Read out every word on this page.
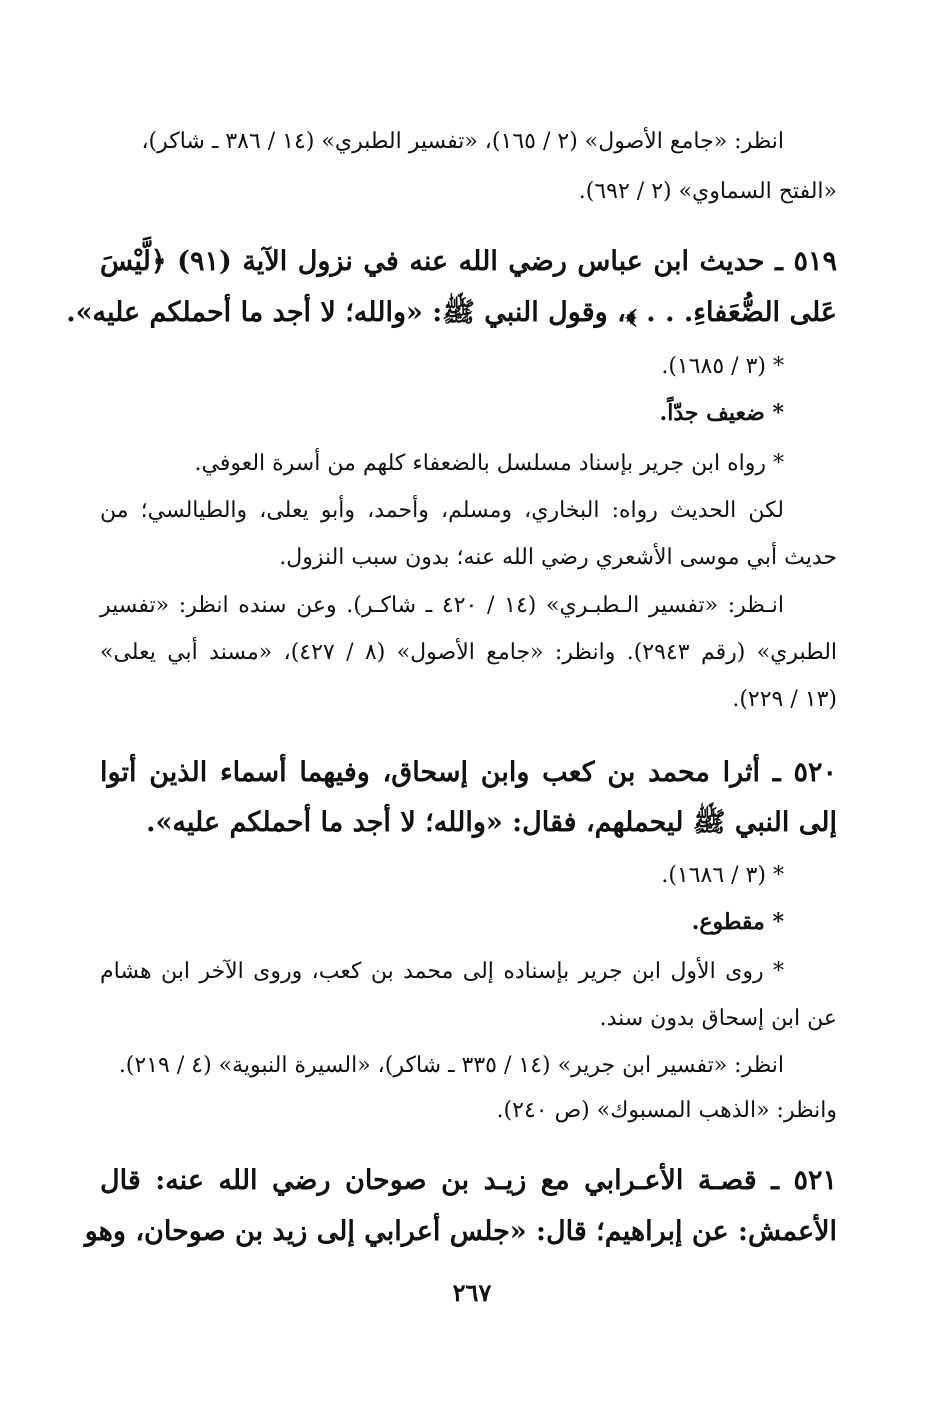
انظر: «جامع الأصول» (٢ / ١٦٥)، «تفسير الطبري» (١٤ / ٣٨٦ ـ شاكر)،
«الفتح السماوي» (٢ / ٦٩٢).
٥١٩ ـ حديث ابن عباس رضي الله عنه في نزول الآية (٩١) ﴿لَّيْسَ
عَلى الضُّعَفاءِ. . . ﴾، وقول النبي ﷺ: «والله؛ لا أجد ما أحملكم عليه».
* (٣ / ١٦٨٥).
* ضعيف جدّاً.
* رواه ابن جرير بإسناد مسلسل بالضعفاء كلهم من أسرة العوفي.
لكن الحديث رواه: البخاري، ومسلم، وأحمد، وأبو يعلى، والطيالسي؛ من
حديث أبي موسى الأشعري رضي الله عنه؛ بدون سبب النزول.
انـظر: «تفسير الـطبـري» (١٤ / ٤٢٠ ـ شاكـر). وعن سنده انظر: «تفسير
الطبري» (رقم ٢٩٤٣). وانظر: «جامع الأصول» (٨ / ٤٢٧)، «مسند أبي يعلى»
(١٣ / ٢٢٩).
٥٢٠ ـ أثرا محمد بن كعب وابن إسحاق، وفيهما أسماء الذين أتوا
إلى النبي ﷺ ليحملهم، فقال: «والله؛ لا أجد ما أحملكم عليه».
* (٣ / ١٦٨٦).
* مقطوع.
* روى الأول ابن جرير بإسناده إلى محمد بن كعب، وروى الآخر ابن هشام
عن ابن إسحاق بدون سند.
انظر: «تفسير ابن جرير» (١٤ / ٣٣٥ ـ شاكر)، «السيرة النبوية» (٤ / ٢١٩).
وانظر: «الذهب المسبوك» (ص ٢٤٠).
٥٢١ ـ قصـة الأعـرابي مع زيـد بن صوحان رضي الله عنه: قال
الأعمش: عن إبراهيم؛ قال: «جلس أعرابي إلى زيد بن صوحان، وهو
٢٦٧
